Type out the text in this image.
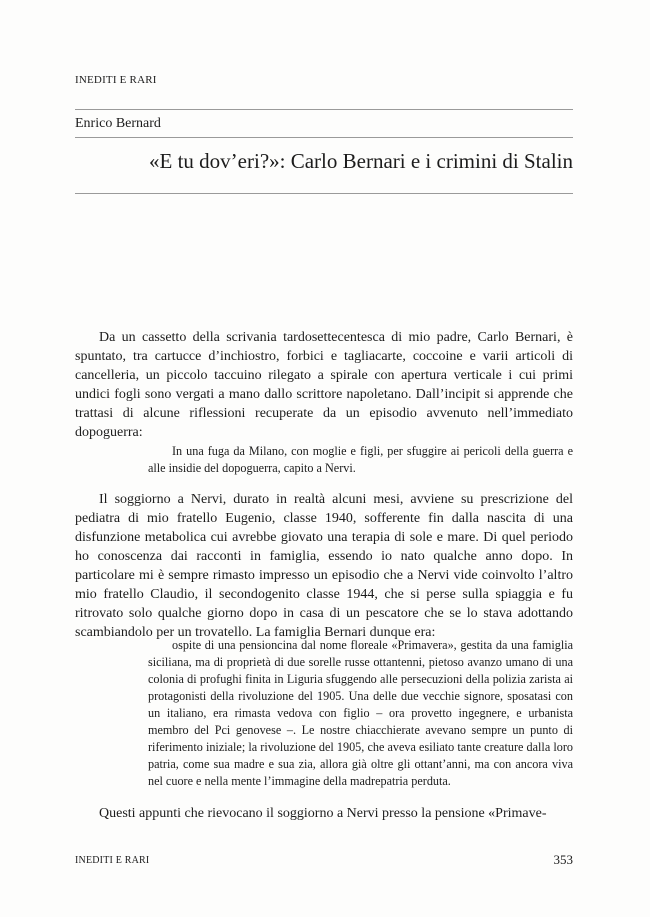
INEDITI E RARI
Enrico Bernard
«E tu dov’eri?»: Carlo Bernari e i crimini di Stalin

Da un cassetto della scrivania tardosettecentesca di mio padre, Carlo Bernari, è spuntato, tra cartucce d’inchiostro, forbici e tagliacarte, coccoine e varii articoli di cancelleria, un piccolo taccuino rilegato a spirale con apertura verticale i cui primi undici fogli sono vergati a mano dallo scrittore napoletano. Dall’incipit si apprende che trattasi di alcune riflessioni recuperate da un episodio avvenuto nell’immediato dopoguerra:

In una fuga da Milano, con moglie e figli, per sfuggire ai pericoli della guerra e alle insidie del dopoguerra, capito a Nervi.

Il soggiorno a Nervi, durato in realtà alcuni mesi, avviene su prescrizione del pediatra di mio fratello Eugenio, classe 1940, sofferente fin dalla nascita di una disfunzione metabolica cui avrebbe giovato una terapia di sole e mare. Di quel periodo ho conoscenza dai racconti in famiglia, essendo io nato qualche anno dopo. In particolare mi è sempre rimasto impresso un episodio che a Nervi vide coinvolto l’altro mio fratello Claudio, il secondogenito classe 1944, che si perse sulla spiaggia e fu ritrovato solo qualche giorno dopo in casa di un pescatore che se lo stava adottando scambiandolo per un trovatello. La famiglia Bernari dunque era:

ospite di una pensioncina dal nome floreale «Primavera», gestita da una famiglia siciliana, ma di proprietà di due sorelle russe ottantenni, pietoso avanzo umano di una colonia di profughi finita in Liguria sfuggendo alle persecuzioni della polizia zarista ai protagonisti della rivoluzione del 1905. Una delle due vecchie signore, sposatasi con un italiano, era rimasta vedova con figlio – ora provetto ingegnere, e urbanista membro del Pci genovese –. Le nostre chiacchierate avevano sempre un punto di riferimento iniziale; la rivoluzione del 1905, che aveva esiliato tante creature dalla loro patria, come sua madre e sua zia, allora già oltre gli ottant’anni, ma con ancora viva nel cuore e nella mente l’immagine della madrepatria perduta.

Questi appunti che rievocano il soggiorno a Nervi presso la pensione «Primave-

INEDITI E RARI	353
